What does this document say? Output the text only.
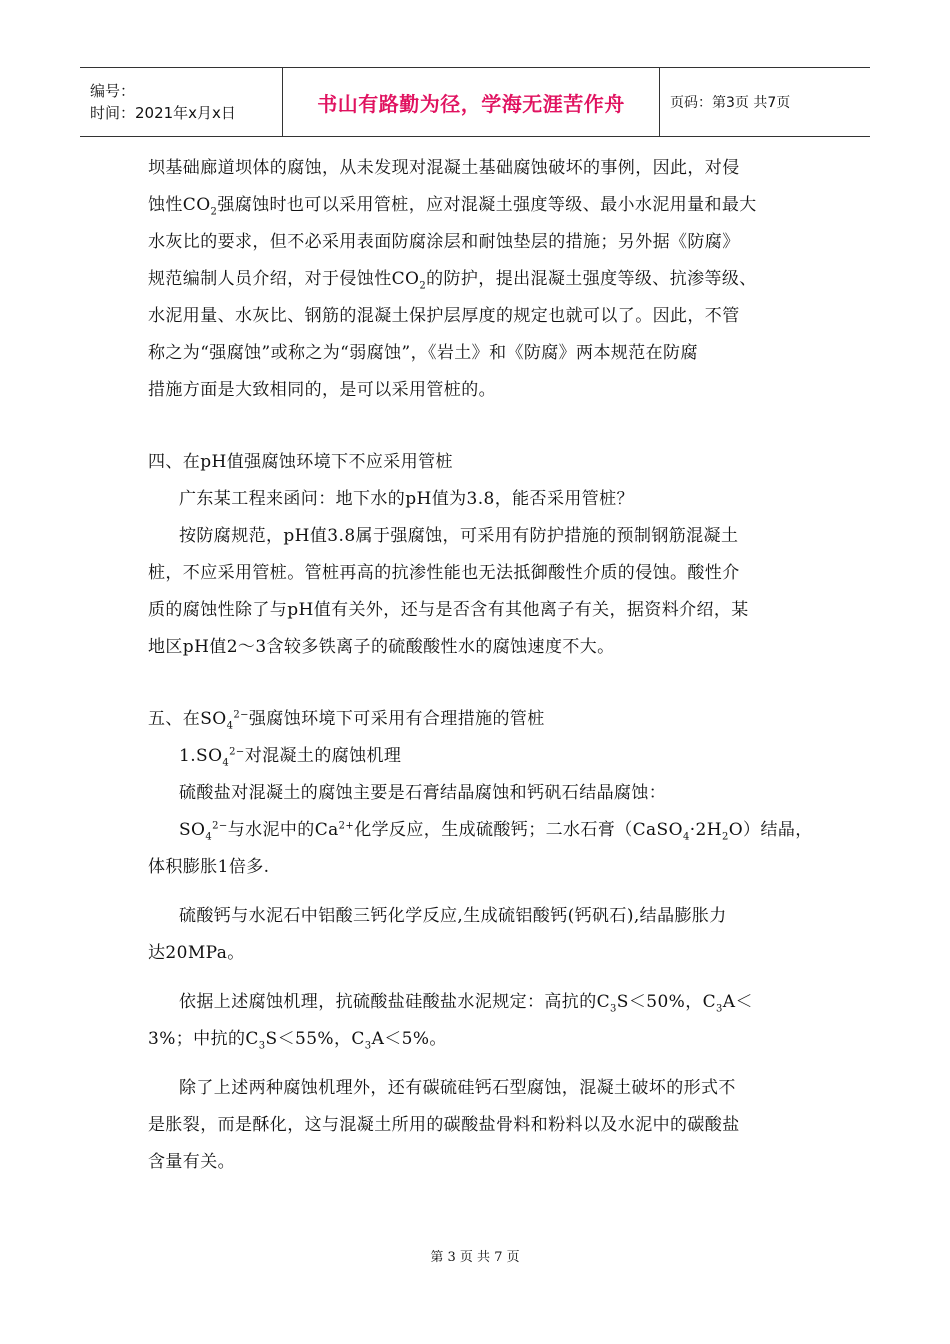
编号：
时间：2021年x月x日	书山有路勤为径，学海无涯苦作舟	页码：第3页 共7页

坝基础廊道坝体的腐蚀，从未发现对混凝土基础腐蚀破坏的事例，因此，对侵
蚀性$CO_2$强腐蚀时也可以采用管桩，应对混凝土强度等级、最小水泥用量和最大
水灰比的要求，但不必采用表面防腐涂层和耐蚀垫层的措施；另外据《防腐》
规范编制人员介绍，对于侵蚀性$CO_2$的防护，提出混凝土强度等级、抗渗等级、
水泥用量、水灰比、钢筋的混凝土保护层厚度的规定也就可以了。因此，不管
称之为“强腐蚀”或称之为“弱腐蚀”，《岩土》和《防腐》两本规范在防腐
措施方面是大致相同的，是可以采用管桩的。

四、在pH值强腐蚀环境下不应采用管桩

广东某工程来函问：地下水的pH值为3.8，能否采用管桩？

按防腐规范，pH值3.8属于强腐蚀，可采用有防护措施的预制钢筋混凝土
桩，不应采用管桩。管桩再高的抗渗性能也无法抵御酸性介质的侵蚀。酸性介
质的腐蚀性除了与pH值有关外，还与是否含有其他离子有关，据资料介绍，某
地区pH值2～3含较多铁离子的硫酸酸性水的腐蚀速度不大。

五、在$SO_4^{2-}$强腐蚀环境下可采用有合理措施的管桩

$1.SO_4^{2-}$对混凝土的腐蚀机理

硫酸盐对混凝土的腐蚀主要是石膏结晶腐蚀和钙矾石结晶腐蚀：

$SO_4^{2-}$与水泥中的$Ca^{2+}$化学反应，生成硫酸钙；二水石膏$(CaSO_4\cdot 2H_2O)$结晶，
体积膨胀1倍多.

硫酸钙与水泥石中铝酸三钙化学反应,生成硫铝酸钙(钙矾石),结晶膨胀力
达20MPa。

依据上述腐蚀机理，抗硫酸盐硅酸盐水泥规定：高抗的$C_3S<50\%$，$C_3A<$
3%；中抗的$C_3S<55\%$，$C_3A<5\%$。

除了上述两种腐蚀机理外，还有碳硫硅钙石型腐蚀，混凝土破坏的形式不
是胀裂，而是酥化，这与混凝土所用的碳酸盐骨料和粉料以及水泥中的碳酸盐
含量有关。

第 3 页 共 7 页
